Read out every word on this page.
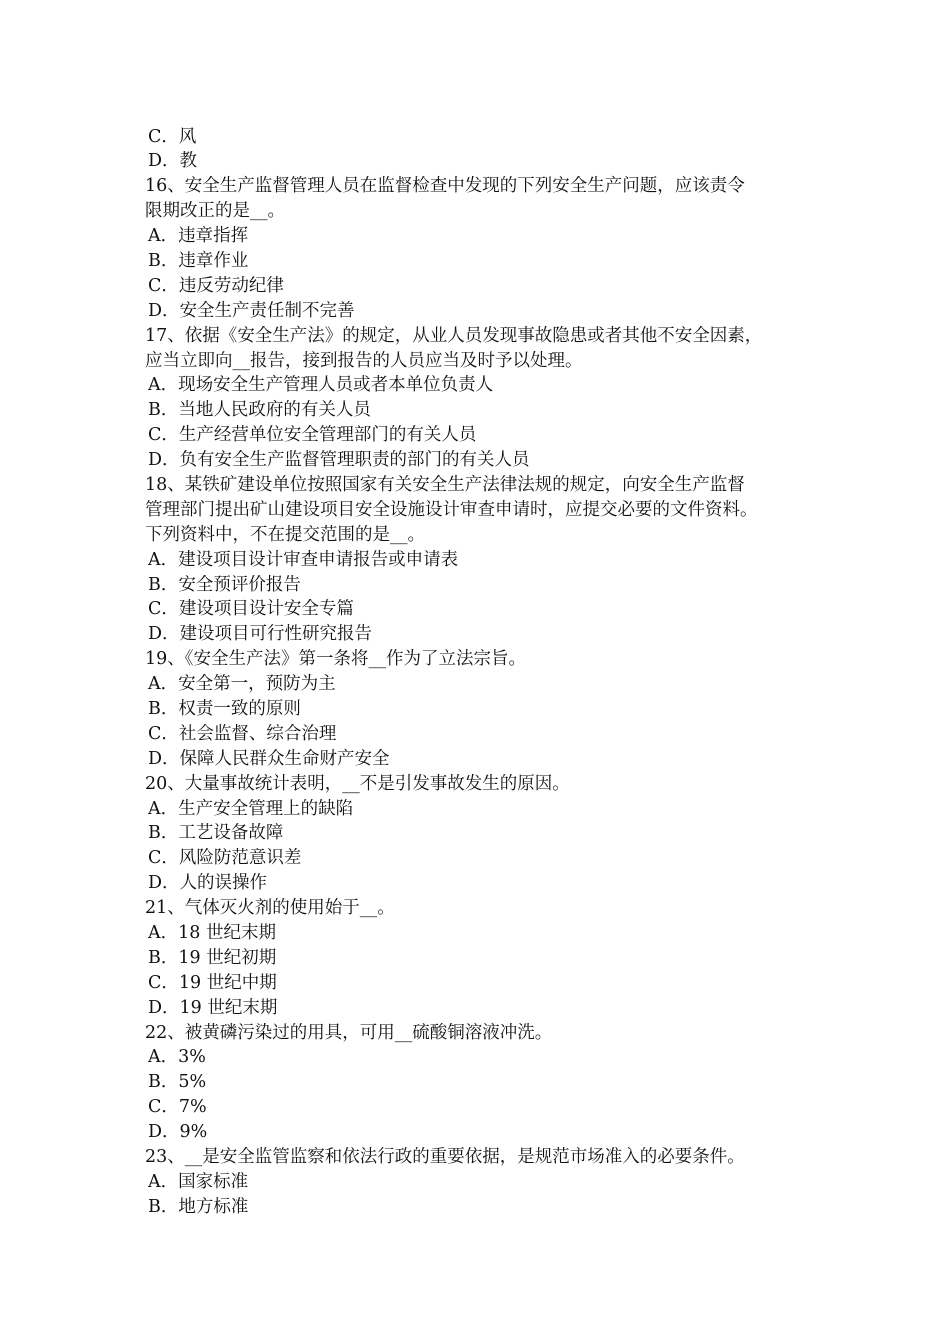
C．风
D．教
16、安全生产监督管理人员在监督检查中发现的下列安全生产问题，应该责令
限期改正的是__。
A．违章指挥
B．违章作业
C．违反劳动纪律
D．安全生产责任制不完善
17、依据《安全生产法》的规定，从业人员发现事故隐患或者其他不安全因素，
应当立即向__报告，接到报告的人员应当及时予以处理。
A．现场安全生产管理人员或者本单位负责人
B．当地人民政府的有关人员
C．生产经营单位安全管理部门的有关人员
D．负有安全生产监督管理职责的部门的有关人员
18、某铁矿建设单位按照国家有关安全生产法律法规的规定，向安全生产监督
管理部门提出矿山建设项目安全设施设计审查申请时，应提交必要的文件资料。
下列资料中，不在提交范围的是__。
A．建设项目设计审查申请报告或申请表
B．安全预评价报告
C．建设项目设计安全专篇
D．建设项目可行性研究报告
19、《安全生产法》第一条将__作为了立法宗旨。
A．安全第一，预防为主
B．权责一致的原则
C．社会监督、综合治理
D．保障人民群众生命财产安全
20、大量事故统计表明，__不是引发事故发生的原因。
A．生产安全管理上的缺陷
B．工艺设备故障
C．风险防范意识差
D．人的误操作
21、气体灭火剂的使用始于__。
A．18 世纪末期
B．19 世纪初期
C．19 世纪中期
D．19 世纪末期
22、被黄磷污染过的用具，可用__硫酸铜溶液冲洗。
A．3%
B．5%
C．7%
D．9%
23、__是安全监管监察和依法行政的重要依据，是规范市场准入的必要条件。
A．国家标准
B．地方标准
